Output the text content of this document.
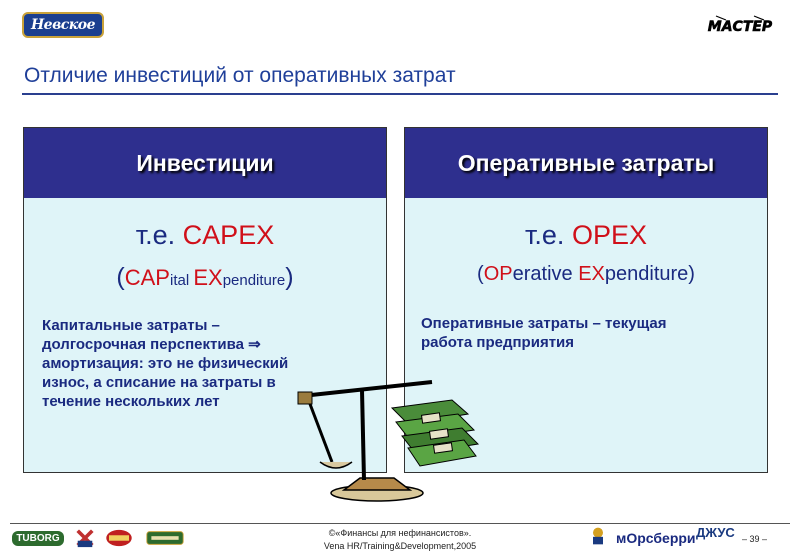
Невское	МАСТЕР
Отличие инвестиций от оперативных затрат
Инвестиции
т.е. CAPEX
(CAPital EXpenditure)
Капитальные затраты –
долгосрочная перспектива ⇒
амортизация: это не физический
износ, а списание на затраты в
течение нескольких лет
Оперативные затраты
т.е. OPEX
(OPerative EXpenditure)
Оперативные затраты – текущая
работа предприятия
TUBORG	©«Финансы для нефинансистов».
Vena HR/Training&Development,2005	мОрсберри ДЖУС – 39 –
